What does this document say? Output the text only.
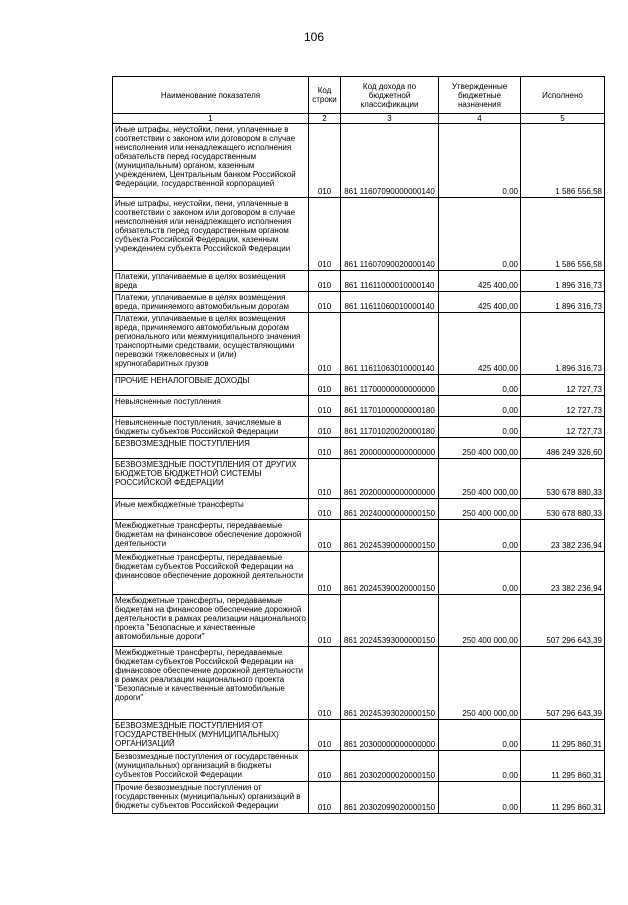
106
Наименование показателя	Код строки	Код дохода по бюджетной классификации	Утвержденные бюджетные назначения	Исполнено
1	2	3	4	5
Иные штрафы, неустойки, пени, уплаченные в соответствии с законом или договором в случае неисполнения или ненадлежащего исполнения обязательств перед государственным (муниципальным) органом, казенным учреждением, Центральным банком Российской Федерации, государственной корпорацией	010	861 11607090000000140	0,00	1 586 556,58
Иные штрафы, неустойки, пени, уплаченные в соответствии с законом или договором в случае неисполнения или ненадлежащего исполнения обязательств перед государственным органом субъекта Российской Федерации, казенным учреждением субъекта Российской Федерации	010	861 11607090020000140	0,00	1 586 556,58
Платежи, уплачиваемые в целях возмещения вреда	010	861 11611000010000140	425 400,00	1 896 316,73
Платежи, уплачиваемые в целях возмещения вреда, причиняемого автомобильным дорогам	010	861 11611060010000140	425 400,00	1 896 316,73
Платежи, уплачиваемые в целях возмещения вреда, причиняемого автомобильным дорогам регионального или межмуниципального значения транспортными средствами, осуществляющими перевозки тяжеловесных и (или) крупногабаритных грузов	010	861 11611063010000140	425 400,00	1 896 316,73
ПРОЧИЕ НЕНАЛОГОВЫЕ ДОХОДЫ	010	861 11700000000000000	0,00	12 727,73
Невыясненные поступления	010	861 11701000000000180	0,00	12 727,73
Невыясненные поступления, зачисляемые в бюджеты субъектов Российской Федерации	010	861 11701020020000180	0,00	12 727,73
БЕЗВОЗМЕЗДНЫЕ ПОСТУПЛЕНИЯ	010	861 20000000000000000	250 400 000,00	486 249 326,60
БЕЗВОЗМЕЗДНЫЕ ПОСТУПЛЕНИЯ ОТ ДРУГИХ БЮДЖЕТОВ БЮДЖЕТНОЙ СИСТЕМЫ РОССИЙСКОЙ ФЕДЕРАЦИИ	010	861 20200000000000000	250 400 000,00	530 678 880,33
Иные межбюджетные трансферты	010	861 20240000000000150	250 400 000,00	530 678 880,33
Межбюджетные трансферты, передаваемые бюджетам на финансовое обеспечение дорожной деятельности	010	861 20245390000000150	0,00	23 382 236,94
Межбюджетные трансферты, передаваемые бюджетам субъектов Российской Федерации на финансовое обеспечение дорожной деятельности	010	861 20245390020000150	0,00	23 382 236,94
Межбюджетные трансферты, передаваемые бюджетам на финансовое обеспечение дорожной деятельности в рамках реализации национального проекта "Безопасные и качественные автомобильные дороги"	010	861 20245393000000150	250 400 000,00	507 296 643,39
Межбюджетные трансферты, передаваемые бюджетам субъектов Российской Федерации на финансовое обеспечение дорожной деятельности в рамках реализации национального проекта "Безопасные и качественные автомобильные дороги"	010	861 20245393020000150	250 400 000,00	507 296 643,39
БЕЗВОЗМЕЗДНЫЕ ПОСТУПЛЕНИЯ ОТ ГОСУДАРСТВЕННЫХ (МУНИЦИПАЛЬНЫХ) ОРГАНИЗАЦИЙ	010	861 20300000000000000	0,00	11 295 860,31
Безвозмездные поступления от государственных (муниципальных) организаций в бюджеты субъектов Российской Федерации	010	861 20302000020000150	0,00	11 295 860,31
Прочие безвозмездные поступления от государственных (муниципальных) организаций в бюджеты субъектов Российской Федерации	010	861 20302099020000150	0,00	11 295 860,31
